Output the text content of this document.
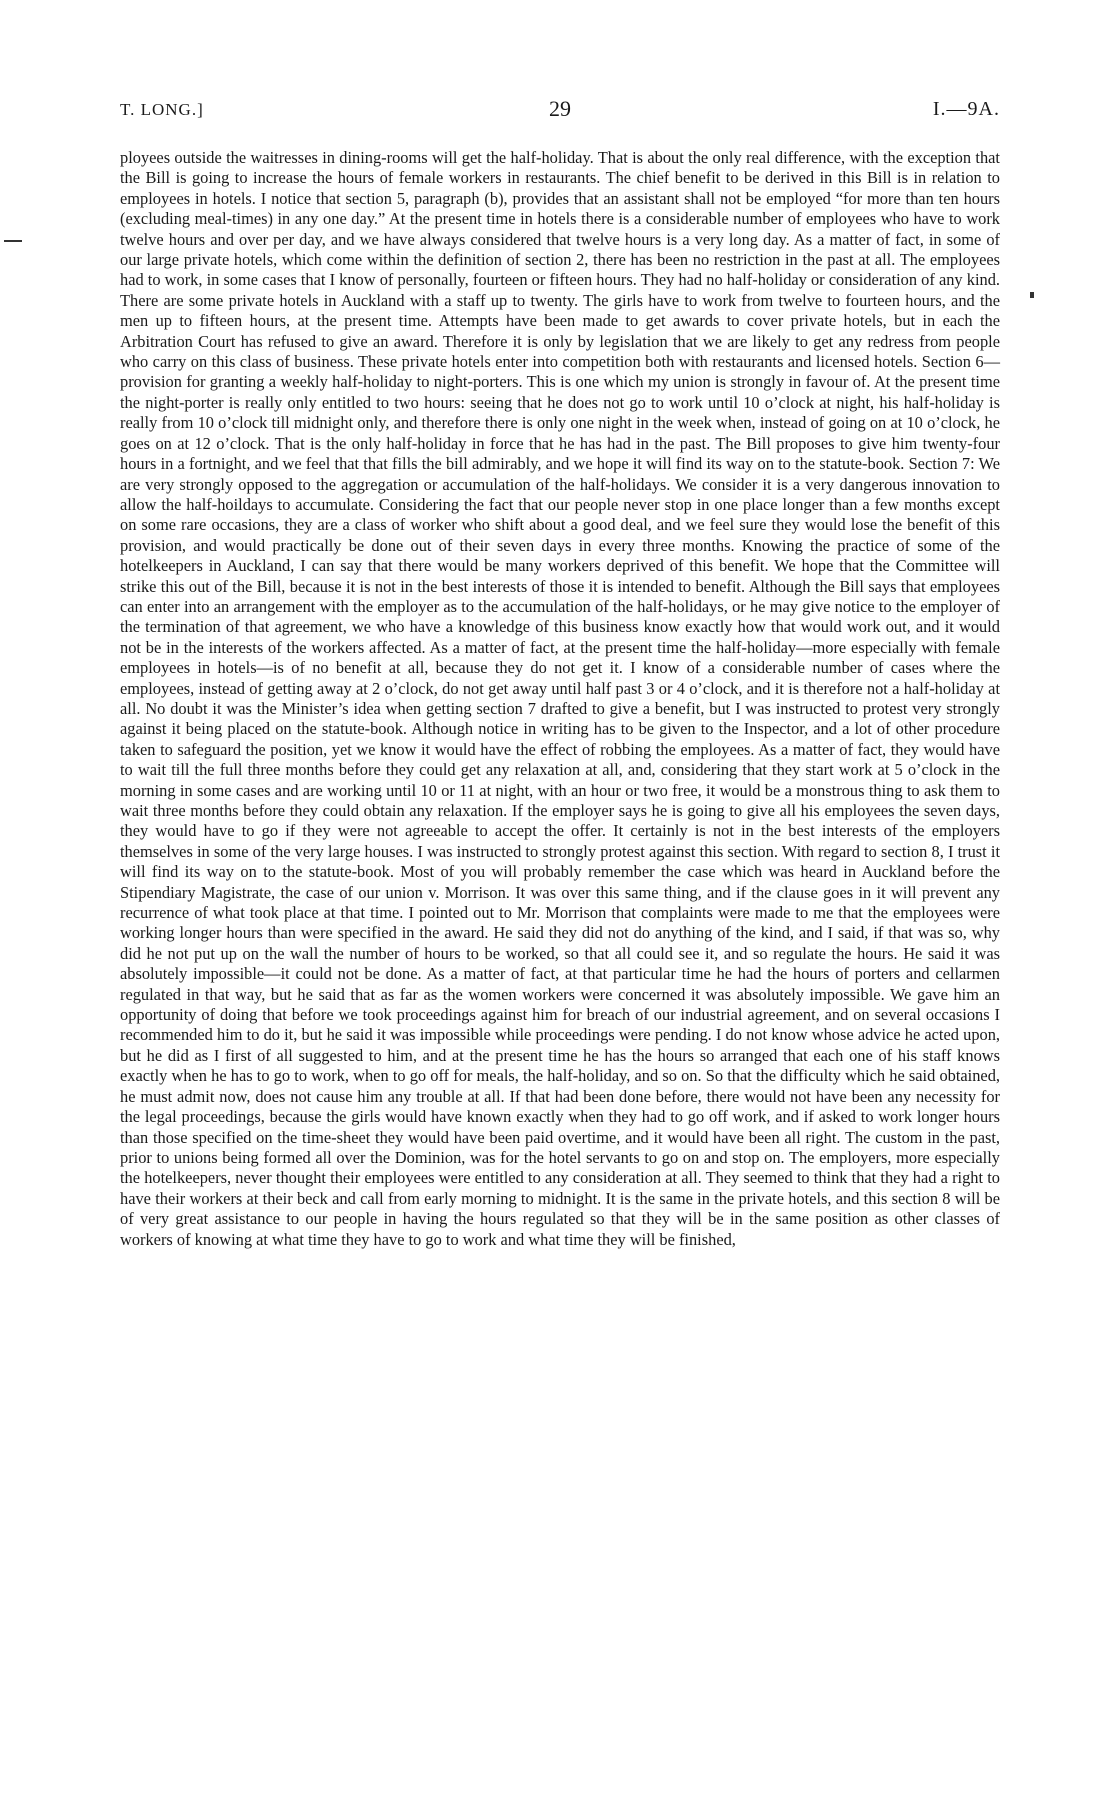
T. LONG.]	29	I.—9A.

ployees outside the waitresses in dining-rooms will get the half-holiday. That is about the only real difference, with the exception that the Bill is going to increase the hours of female workers in restaurants. The chief benefit to be derived in this Bill is in relation to employees in hotels. I notice that section 5, paragraph (b), provides that an assistant shall not be employed “for more than ten hours (excluding meal-times) in any one day.” At the present time in hotels there is a considerable number of employees who have to work twelve hours and over per day, and we have always considered that twelve hours is a very long day. As a matter of fact, in some of our large private hotels, which come within the definition of section 2, there has been no restriction in the past at all. The employees had to work, in some cases that I know of personally, fourteen or fifteen hours. They had no half-holiday or consideration of any kind. There are some private hotels in Auckland with a staff up to twenty. The girls have to work from twelve to fourteen hours, and the men up to fifteen hours, at the present time. Attempts have been made to get awards to cover private hotels, but in each the Arbitration Court has refused to give an award. Therefore it is only by legislation that we are likely to get any redress from people who carry on this class of business. These private hotels enter into competition both with restaurants and licensed hotels. Section 6—provision for granting a weekly half-holiday to night-porters. This is one which my union is strongly in favour of. At the present time the night-porter is really only entitled to two hours: seeing that he does not go to work until 10 o’clock at night, his half-holiday is really from 10 o’clock till midnight only, and therefore there is only one night in the week when, instead of going on at 10 o’clock, he goes on at 12 o’clock. That is the only half-holiday in force that he has had in the past. The Bill proposes to give him twenty-four hours in a fortnight, and we feel that that fills the bill admirably, and we hope it will find its way on to the statute-book. Section 7: We are very strongly opposed to the aggregation or accumulation of the half-holidays. We consider it is a very dangerous innovation to allow the half-hoildays to accumulate. Considering the fact that our people never stop in one place longer than a few months except on some rare occasions, they are a class of worker who shift about a good deal, and we feel sure they would lose the benefit of this provision, and would practically be done out of their seven days in every three months. Knowing the practice of some of the hotelkeepers in Auckland, I can say that there would be many workers deprived of this benefit. We hope that the Committee will strike this out of the Bill, because it is not in the best interests of those it is intended to benefit. Although the Bill says that employees can enter into an arrangement with the employer as to the accumulation of the half-holidays, or he may give notice to the employer of the termination of that agreement, we who have a knowledge of this business know exactly how that would work out, and it would not be in the interests of the workers affected. As a matter of fact, at the present time the half-holiday—more especially with female employees in hotels—is of no benefit at all, because they do not get it. I know of a considerable number of cases where the employees, instead of getting away at 2 o’clock, do not get away until half past 3 or 4 o’clock, and it is therefore not a half-holiday at all. No doubt it was the Minister’s idea when getting section 7 drafted to give a benefit, but I was instructed to protest very strongly against it being placed on the statute-book. Although notice in writing has to be given to the Inspector, and a lot of other procedure taken to safeguard the position, yet we know it would have the effect of robbing the employees. As a matter of fact, they would have to wait till the full three months before they could get any relaxation at all, and, considering that they start work at 5 o’clock in the morning in some cases and are working until 10 or 11 at night, with an hour or two free, it would be a monstrous thing to ask them to wait three months before they could obtain any relaxation. If the employer says he is going to give all his employees the seven days, they would have to go if they were not agreeable to accept the offer. It certainly is not in the best interests of the employers themselves in some of the very large houses. I was instructed to strongly protest against this section. With regard to section 8, I trust it will find its way on to the statute-book. Most of you will probably remember the case which was heard in Auckland before the Stipendiary Magistrate, the case of our union v. Morrison. It was over this same thing, and if the clause goes in it will prevent any recurrence of what took place at that time. I pointed out to Mr. Morrison that complaints were made to me that the employees were working longer hours than were specified in the award. He said they did not do anything of the kind, and I said, if that was so, why did he not put up on the wall the number of hours to be worked, so that all could see it, and so regulate the hours. He said it was absolutely impossible—it could not be done. As a matter of fact, at that particular time he had the hours of porters and cellarmen regulated in that way, but he said that as far as the women workers were concerned it was absolutely impossible. We gave him an opportunity of doing that before we took proceedings against him for breach of our industrial agreement, and on several occasions I recommended him to do it, but he said it was impossible while proceedings were pending. I do not know whose advice he acted upon, but he did as I first of all suggested to him, and at the present time he has the hours so arranged that each one of his staff knows exactly when he has to go to work, when to go off for meals, the half-holiday, and so on. So that the difficulty which he said obtained, he must admit now, does not cause him any trouble at all. If that had been done before, there would not have been any necessity for the legal proceedings, because the girls would have known exactly when they had to go off work, and if asked to work longer hours than those specified on the time-sheet they would have been paid overtime, and it would have been all right. The custom in the past, prior to unions being formed all over the Dominion, was for the hotel servants to go on and stop on. The employers, more especially the hotelkeepers, never thought their employees were entitled to any consideration at all. They seemed to think that they had a right to have their workers at their beck and call from early morning to midnight. It is the same in the private hotels, and this section 8 will be of very great assistance to our people in having the hours regulated so that they will be in the same position as other classes of workers of knowing at what time they have to go to work and what time they will be finished,
